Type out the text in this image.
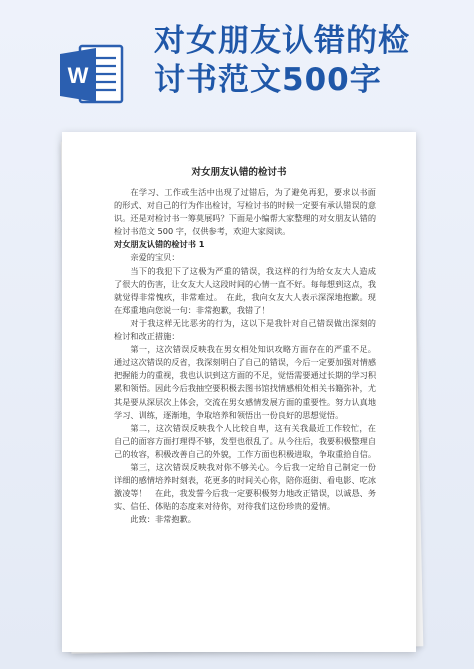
W
对女朋友认错的检
讨书范文500字
对女朋友认错的检讨书

在学习、工作或生活中出现了过错后，为了避免再犯，要求以书面的形式、对自己的行为作出检讨，写检讨书的时候一定要有承认错误的意识。还是对检讨书一筹莫展吗？下面是小编帮大家整理的对女朋友认错的检讨书范文 500 字，仅供参考，欢迎大家阅读。

对女朋友认错的检讨书 1

亲爱的宝贝：

当下的我犯下了这极为严重的错误，我这样的行为给女友大人造成了很大的伤害，让女友大人这段时间的心情一直不好。每每想到这点，我就觉得非常愧疚，非常难过。　在此，我向女友大人表示深深地抱歉。现在郑重地向您说一句：非常抱歉，我错了！

对于我这样无比恶劣的行为，这以下是我针对自己错误做出深刻的检讨和改正措施：

第一，这次错误反映我在男女相处知识攻略方面存在的严重不足。通过这次错误的反省，我深刻明白了自己的错误，今后一定要加强对情感把握能力的重视，我也认识到这方面的不足，觉悟需要通过长期的学习积累和领悟。因此今后我抽空要积极去图书馆找情感相处相关书籍弥补，尤其是要从深层次上体会，交流在男女感情发展方面的重要性。努力认真地学习、训练，逐渐地，争取培养和领悟出一份良好的思想觉悟。

第二，这次错误反映我个人比较自卑，这有关我最近工作较忙，在自己的面容方面打理得不够，发型也很乱了。从今往后，我要积极整理自己的妆容，积极改善自己的外貌，工作方面也积极进取，争取重拾自信。

第三，这次错误反映我对你不够关心。今后我一定给自己制定一份详细的感情培养时刻表，花更多的时间关心你，陪你逛街、看电影、吃冰激凌等！　在此，我发誓今后我一定要积极努力地改正错误，以诚恳、务实、信任、体贴的态度来对待你，对待我们这份珍贵的爱情。

此致：非常抱歉。
